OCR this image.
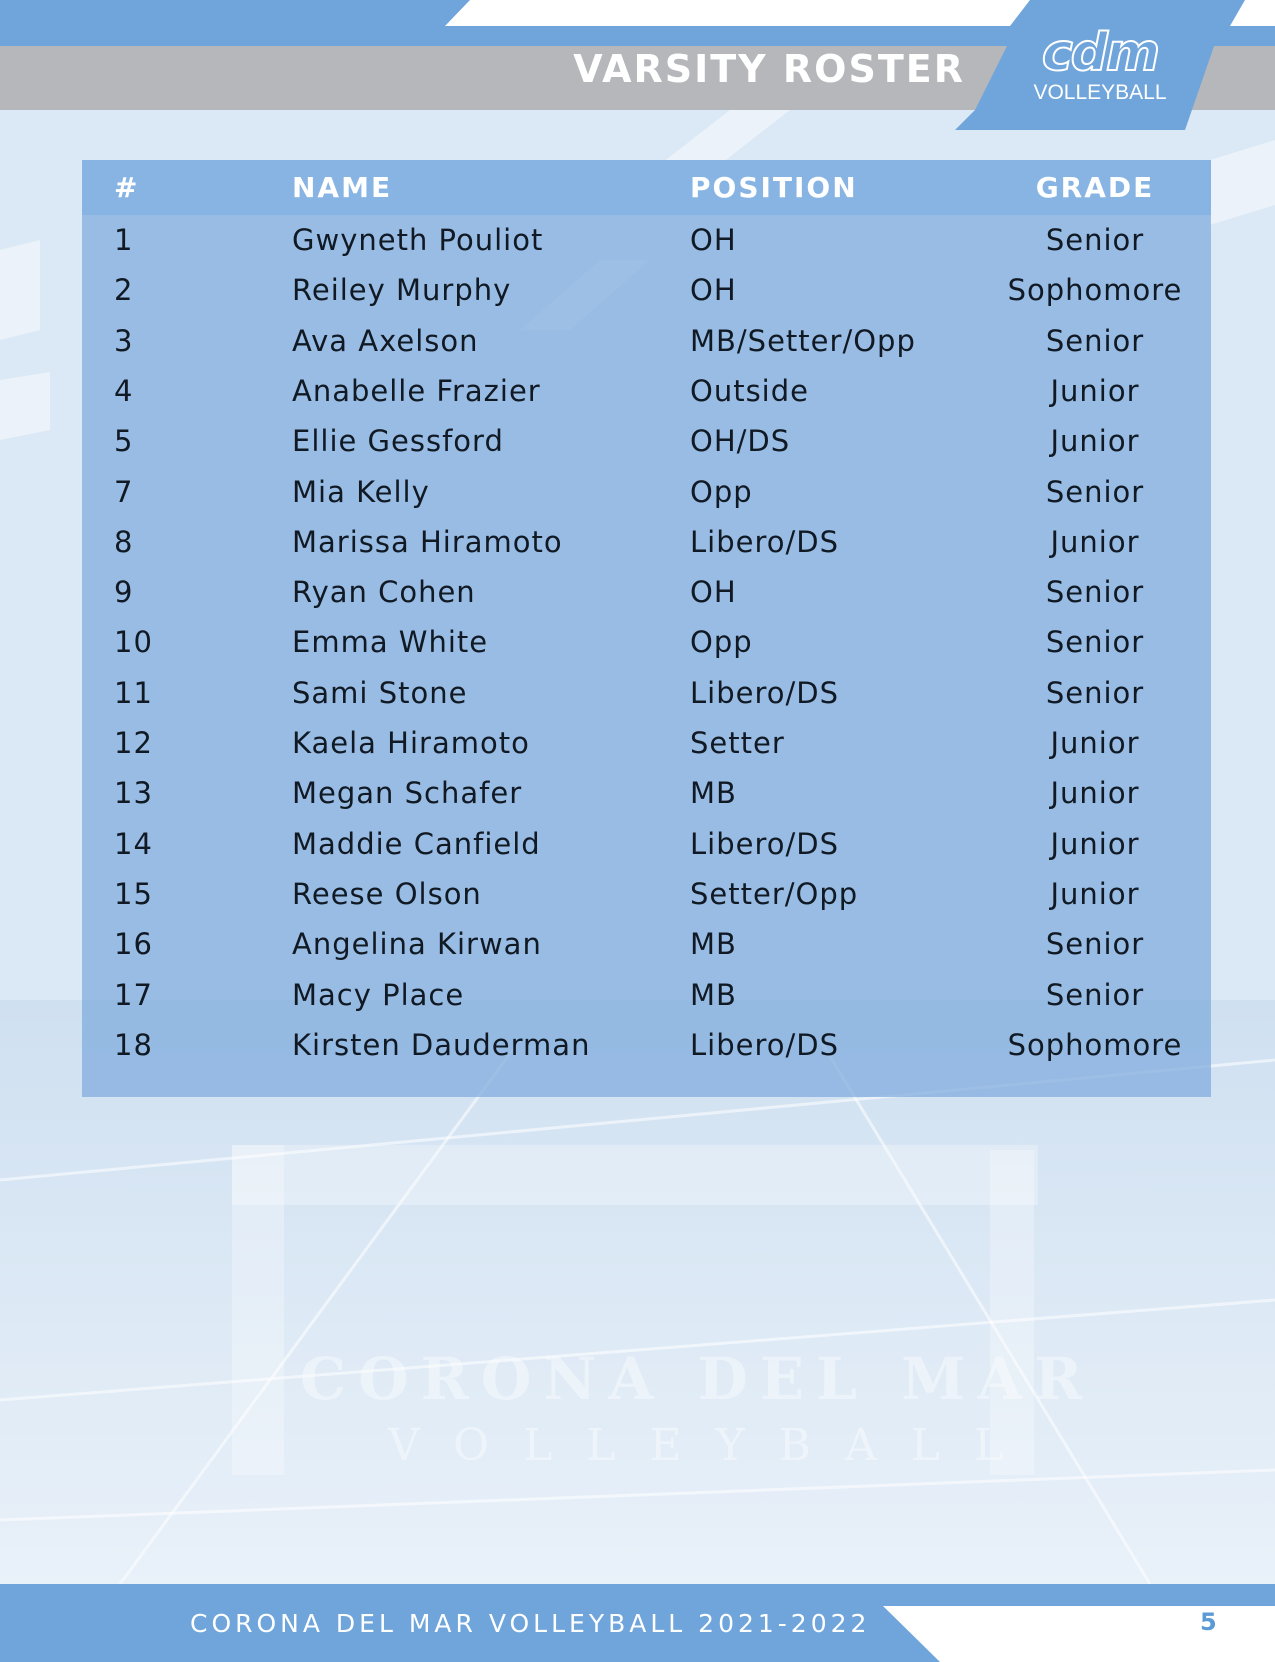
VARSITY ROSTER	cdm
VOLLEYBALL
CORONA DEL MAR
VOLLEYBALL
#	NAME	POSITION	GRADE
1	Gwyneth Pouliot	OH	Senior
2	Reiley Murphy	OH	Sophomore
3	Ava Axelson	MB/Setter/Opp	Senior
4	Anabelle Frazier	Outside	Junior
5	Ellie Gessford	OH/DS	Junior
7	Mia Kelly	Opp	Senior
8	Marissa Hiramoto	Libero/DS	Junior
9	Ryan Cohen	OH	Senior
10	Emma White	Opp	Senior
11	Sami Stone	Libero/DS	Senior
12	Kaela Hiramoto	Setter	Junior
13	Megan Schafer	MB	Junior
14	Maddie Canfield	Libero/DS	Junior
15	Reese Olson	Setter/Opp	Junior
16	Angelina Kirwan	MB	Senior
17	Macy Place	MB	Senior
18	Kirsten Dauderman	Libero/DS	Sophomore
CORONA DEL MAR VOLLEYBALL 2021-2022	5
